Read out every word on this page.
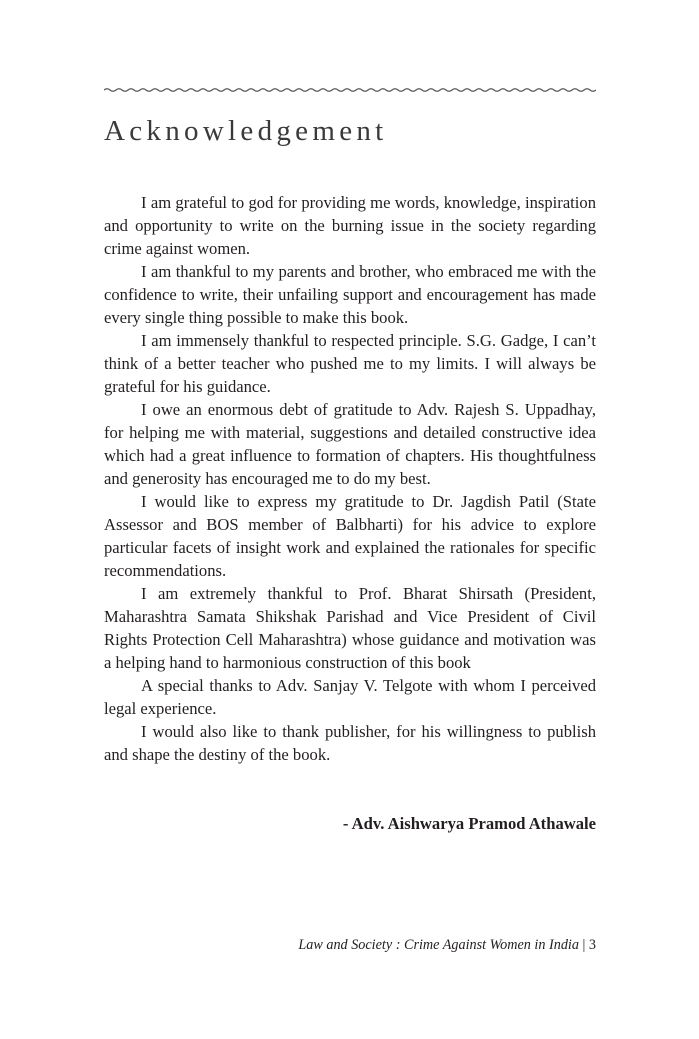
Acknowledgement

I am grateful to god for providing me words, knowledge, inspiration and opportunity to write on the burning issue in the society regarding crime against women.

I am thankful to my parents and brother, who embraced me with the confidence to write, their unfailing support and encouragement has made every single thing possible to make this book.

I am immensely thankful to respected principle. S.G. Gadge, I can’t think of a better teacher who pushed me to my limits. I will always be grateful for his guidance.

I owe an enormous debt of gratitude to Adv. Rajesh S. Uppadhay, for helping me with material, suggestions and detailed constructive idea which had a great influence to formation of chapters. His thoughtfulness and generosity has encouraged me to do my best.

I would like to express my gratitude to Dr. Jagdish Patil (State Assessor and BOS member of Balbharti) for his advice to explore particular facets of insight work and explained the rationales for specific recommendations.

I am extremely thankful to Prof. Bharat Shirsath (President, Maharashtra Samata Shikshak Parishad and Vice President of Civil Rights Protection Cell Maharashtra) whose guidance and motivation was a helping hand to harmonious construction of this book

A special thanks to Adv. Sanjay V. Telgote with whom I perceived legal experience.

I would also like to thank publisher, for his willingness to publish and shape the destiny of the book.

- Adv. Aishwarya Pramod Athawale

Law and Society : Crime Against Women in India | 3
